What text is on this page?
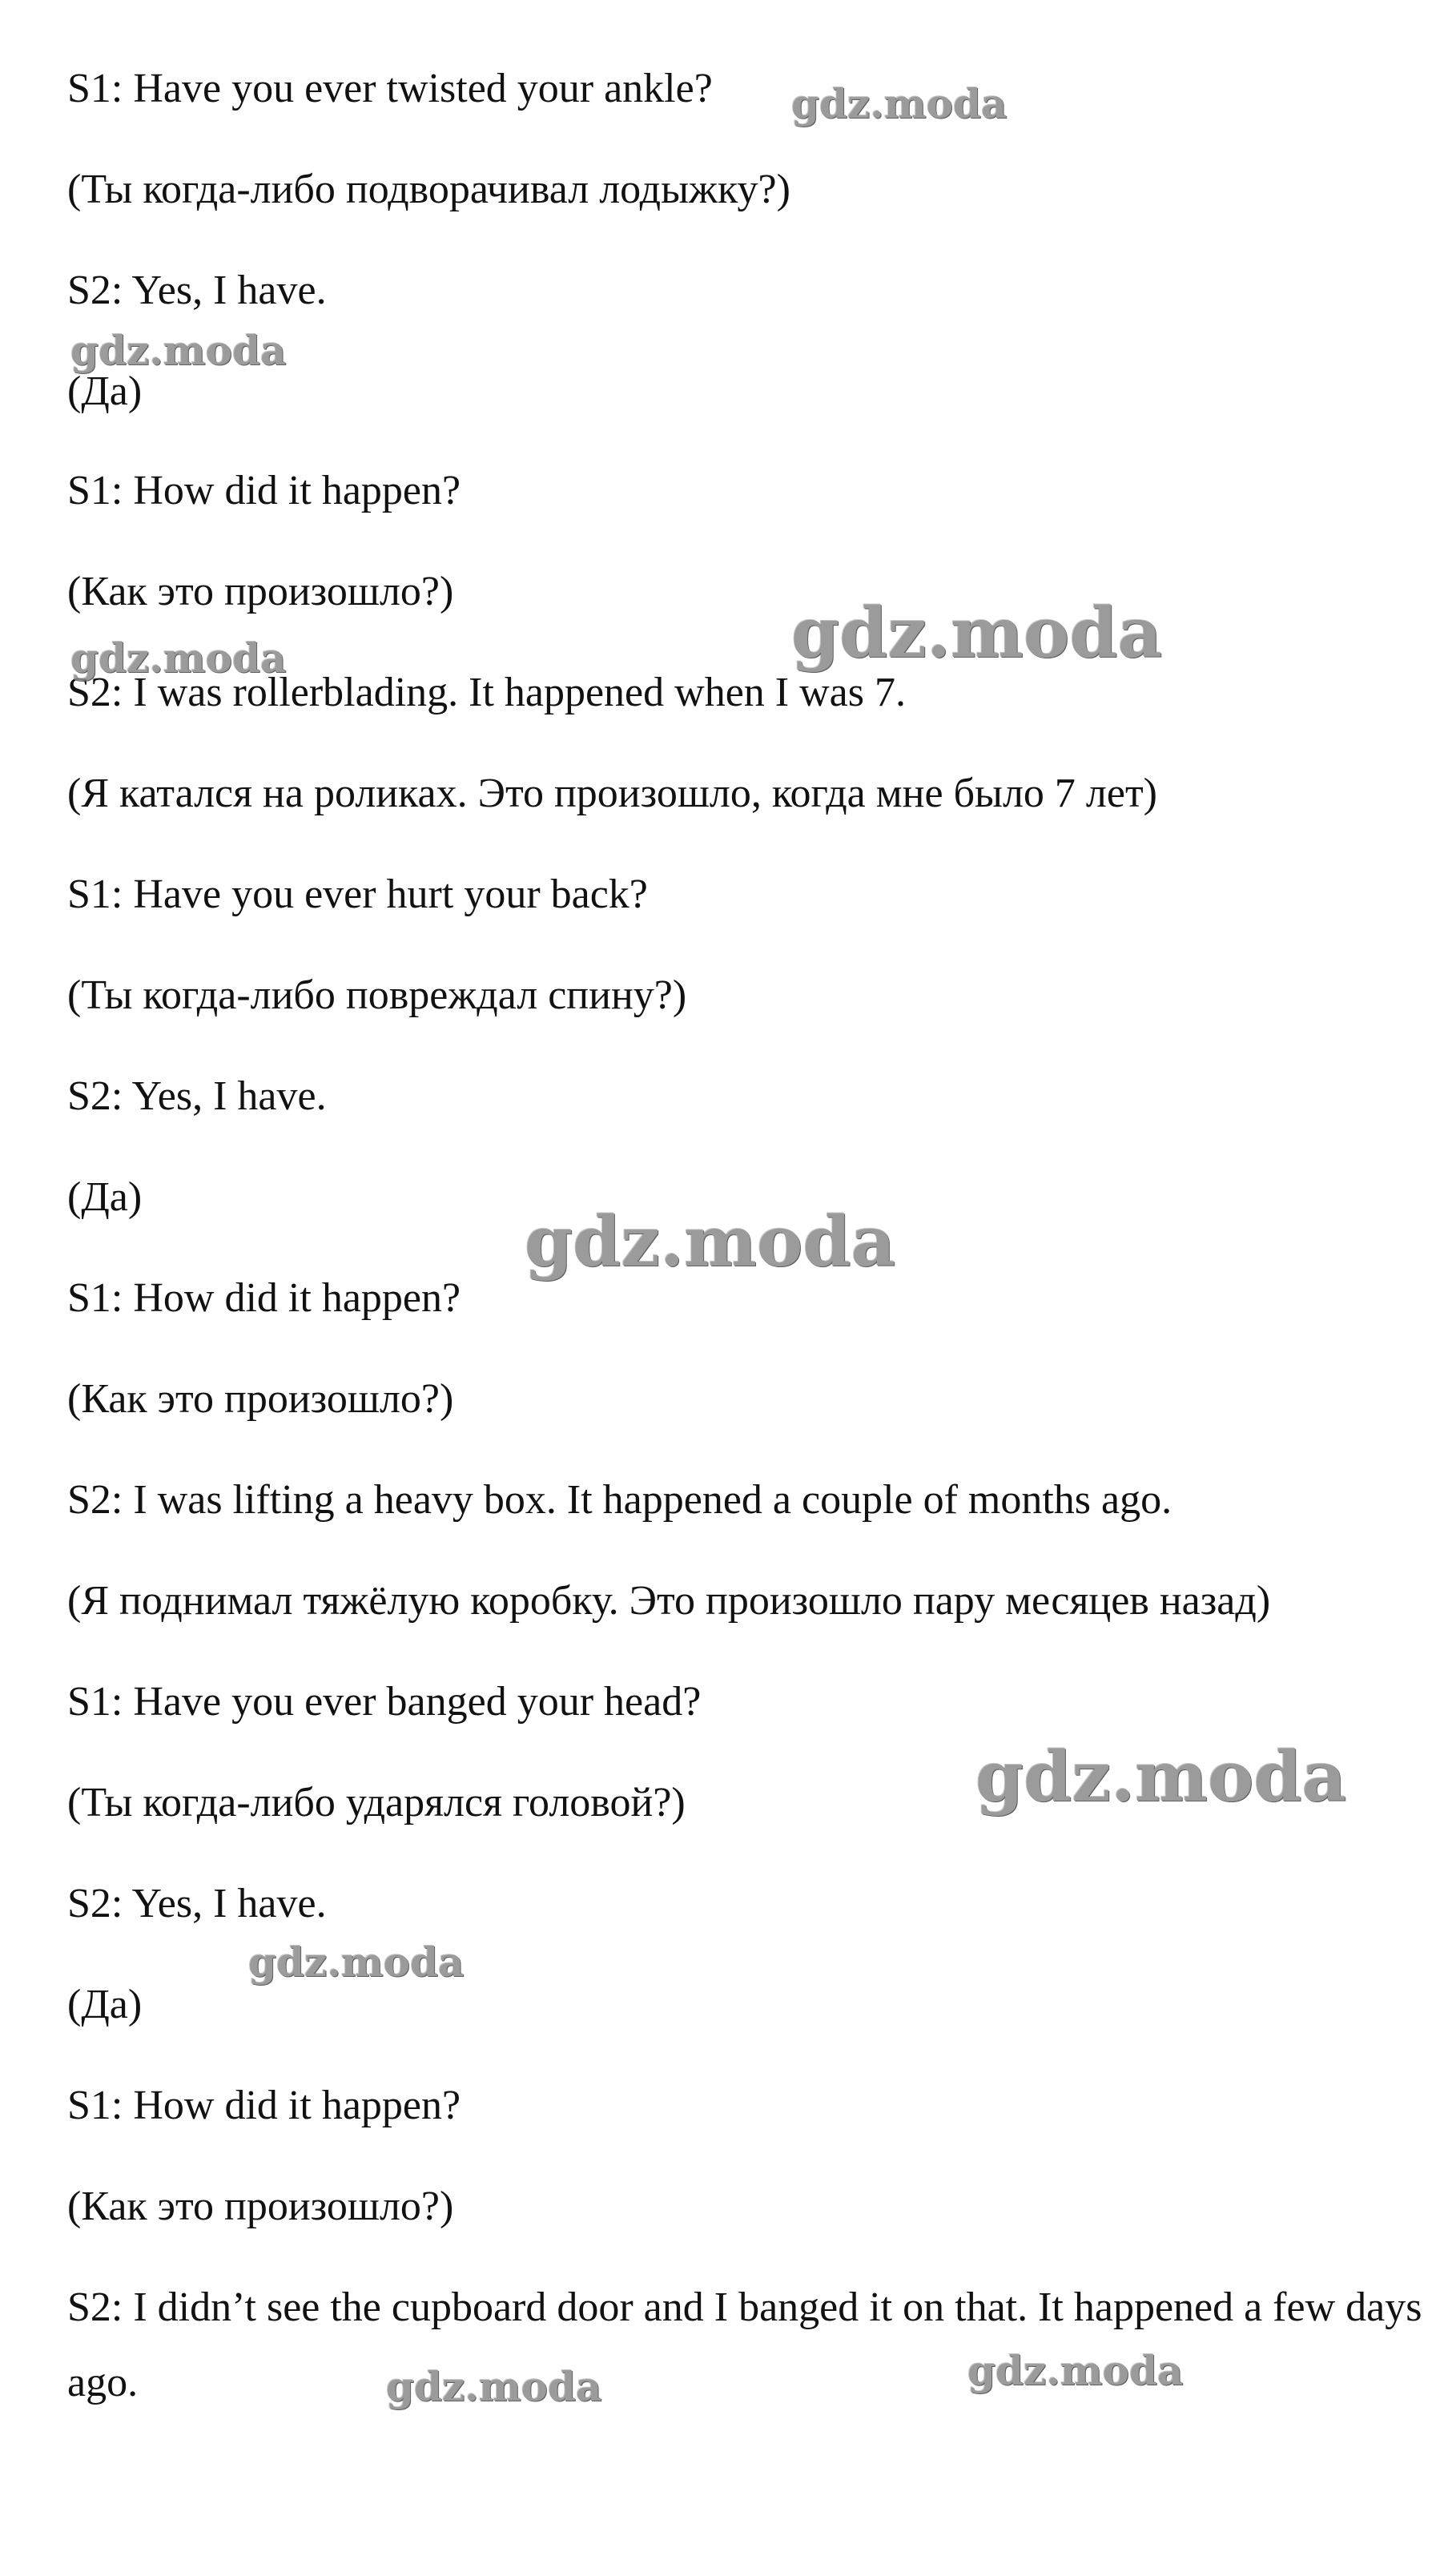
S1: Have you ever twisted your ankle?

(Ты когда-либо подворачивал лодыжку?)

S2: Yes, I have.

(Да)

S1: How did it happen?

(Как это произошло?)

S2: I was rollerblading. It happened when I was 7.

(Я катался на роликах. Это произошло, когда мне было 7 лет)

S1: Have you ever hurt your back?

(Ты когда-либо повреждал спину?)

S2: Yes, I have.

(Да)

S1: How did it happen?

(Как это произошло?)

S2: I was lifting a heavy box. It happened a couple of months ago.

(Я поднимал тяжёлую коробку. Это произошло пару месяцев назад)

S1: Have you ever banged your head?

(Ты когда-либо ударялся головой?)

S2: Yes, I have.

(Да)

S1: How did it happen?

(Как это произошло?)

S2: I didn’t see the cupboard door and I banged it on that. It happened a few days ago.

gdz.moda
gdz.moda
gdz.moda
gdz.moda
gdz.moda
gdz.moda
gdz.moda
gdz.moda
gdz.moda
